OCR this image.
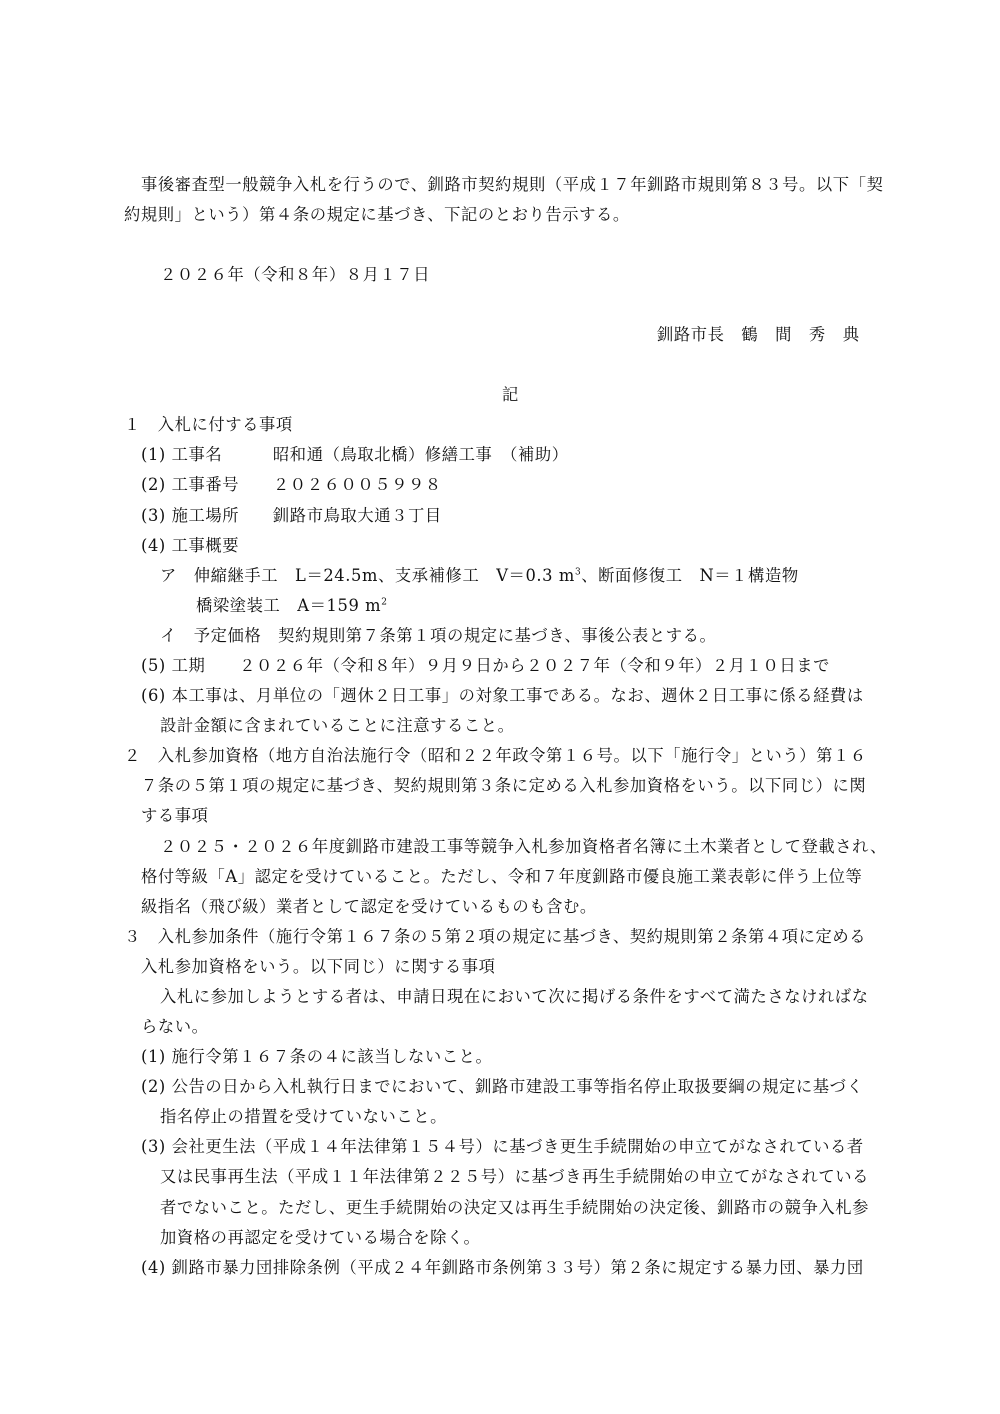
事後審査型一般競争入札を行うので、釧路市契約規則（平成１７年釧路市規則第８３号。以下「契
約規則」という）第４条の規定に基づき、下記のとおり告示する。
２０２６年（令和８年）８月１７日
釧路市長　鶴　間　秀　典
記
１　入札に付する事項
(1) 工事名　　　昭和通（鳥取北橋）修繕工事　（補助）
(2) 工事番号　　２０２６００５９９８
(3) 施工場所　　釧路市鳥取大通３丁目
(4) 工事概要
ア　伸縮継手工　L＝24.5m、支承補修工　V＝0.3 $m^3$、断面修復工　N＝１構造物
橋梁塗装工　A＝159 $m^2$
イ　予定価格　契約規則第７条第１項の規定に基づき、事後公表とする。
(5) 工期　　２０２６年（令和８年）９月９日から２０２７年（令和９年）２月１０日まで
(6) 本工事は、月単位の「週休２日工事」の対象工事である。なお、週休２日工事に係る経費は
設計金額に含まれていることに注意すること。
２　入札参加資格（地方自治法施行令（昭和２２年政令第１６号。以下「施行令」という）第１６
７条の５第１項の規定に基づき、契約規則第３条に定める入札参加資格をいう。以下同じ）に関
する事項
２０２５・２０２６年度釧路市建設工事等競争入札参加資格者名簿に土木業者として登載され、
格付等級「A」認定を受けていること。ただし、令和７年度釧路市優良施工業表彰に伴う上位等
級指名（飛び級）業者として認定を受けているものも含む。
３　入札参加条件（施行令第１６７条の５第２項の規定に基づき、契約規則第２条第４項に定める
入札参加資格をいう。以下同じ）に関する事項
入札に参加しようとする者は、申請日現在において次に掲げる条件をすべて満たさなければな
らない。
(1) 施行令第１６７条の４に該当しないこと。
(2) 公告の日から入札執行日までにおいて、釧路市建設工事等指名停止取扱要綱の規定に基づく
指名停止の措置を受けていないこと。
(3) 会社更生法（平成１４年法律第１５４号）に基づき更生手続開始の申立てがなされている者
又は民事再生法（平成１１年法律第２２５号）に基づき再生手続開始の申立てがなされている
者でないこと。ただし、更生手続開始の決定又は再生手続開始の決定後、釧路市の競争入札参
加資格の再認定を受けている場合を除く。
(4) 釧路市暴力団排除条例（平成２４年釧路市条例第３３号）第２条に規定する暴力団、暴力団
